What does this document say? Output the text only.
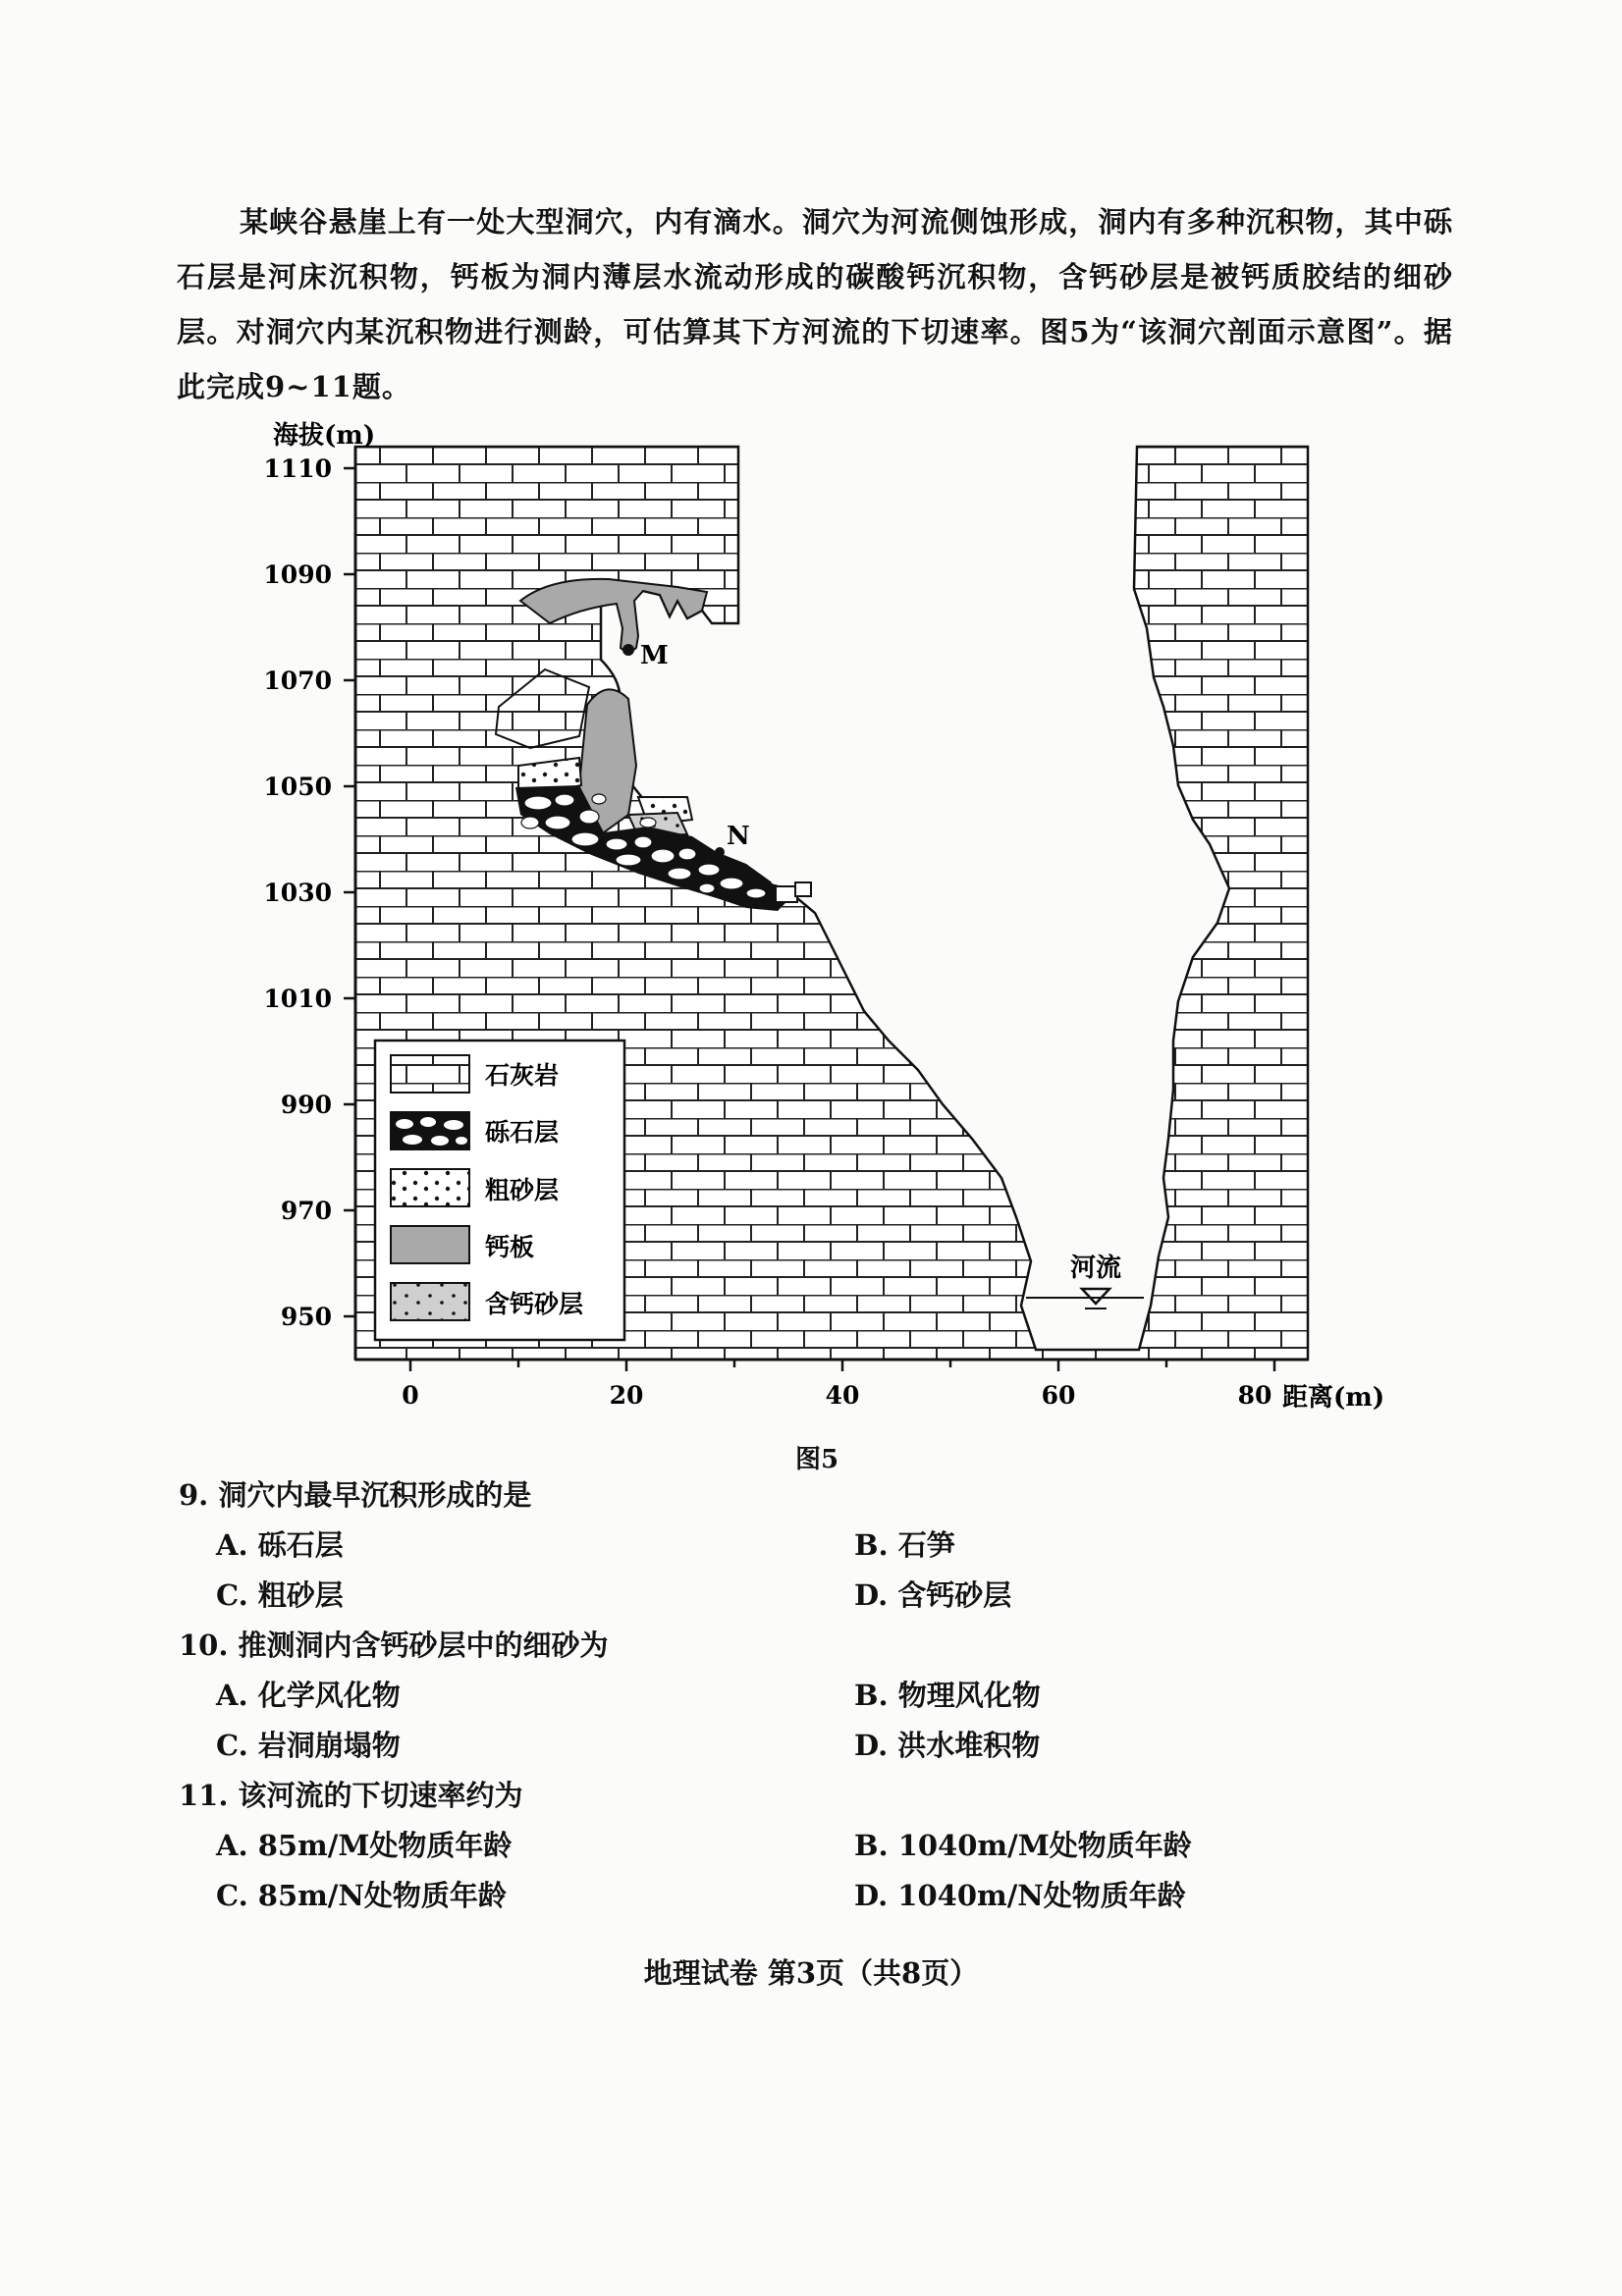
某峡谷悬崖上有一处大型洞穴，内有滴水。洞穴为河流侧蚀形成，洞内有多种沉积物，其中砾石层是河床沉积物，钙板为洞内薄层水流动形成的碳酸钙沉积物，含钙砂层是被钙质胶结的细砂层。对洞穴内某沉积物进行测龄，可估算其下方河流的下切速率。图5为“该洞穴剖面示意图”。据此完成9~11题。

M
N
河流
海拔(m)
1110
1090
1070
1050
1030
1010
990
970
950
0	20	40	60	80 距离(m)
石灰岩
砾石层
粗砂层
钙板
含钙砂层
图5
9. 洞穴内最早沉积形成的是
A. 砾石层	B. 石笋
C. 粗砂层	D. 含钙砂层
10. 推测洞内含钙砂层中的细砂为
A. 化学风化物	B. 物理风化物
C. 岩洞崩塌物	D. 洪水堆积物
11. 该河流的下切速率约为
A. 85m/M处物质年龄	B. 1040m/M处物质年龄
C. 85m/N处物质年龄	D. 1040m/N处物质年龄
地理试卷 第3页（共8页）
